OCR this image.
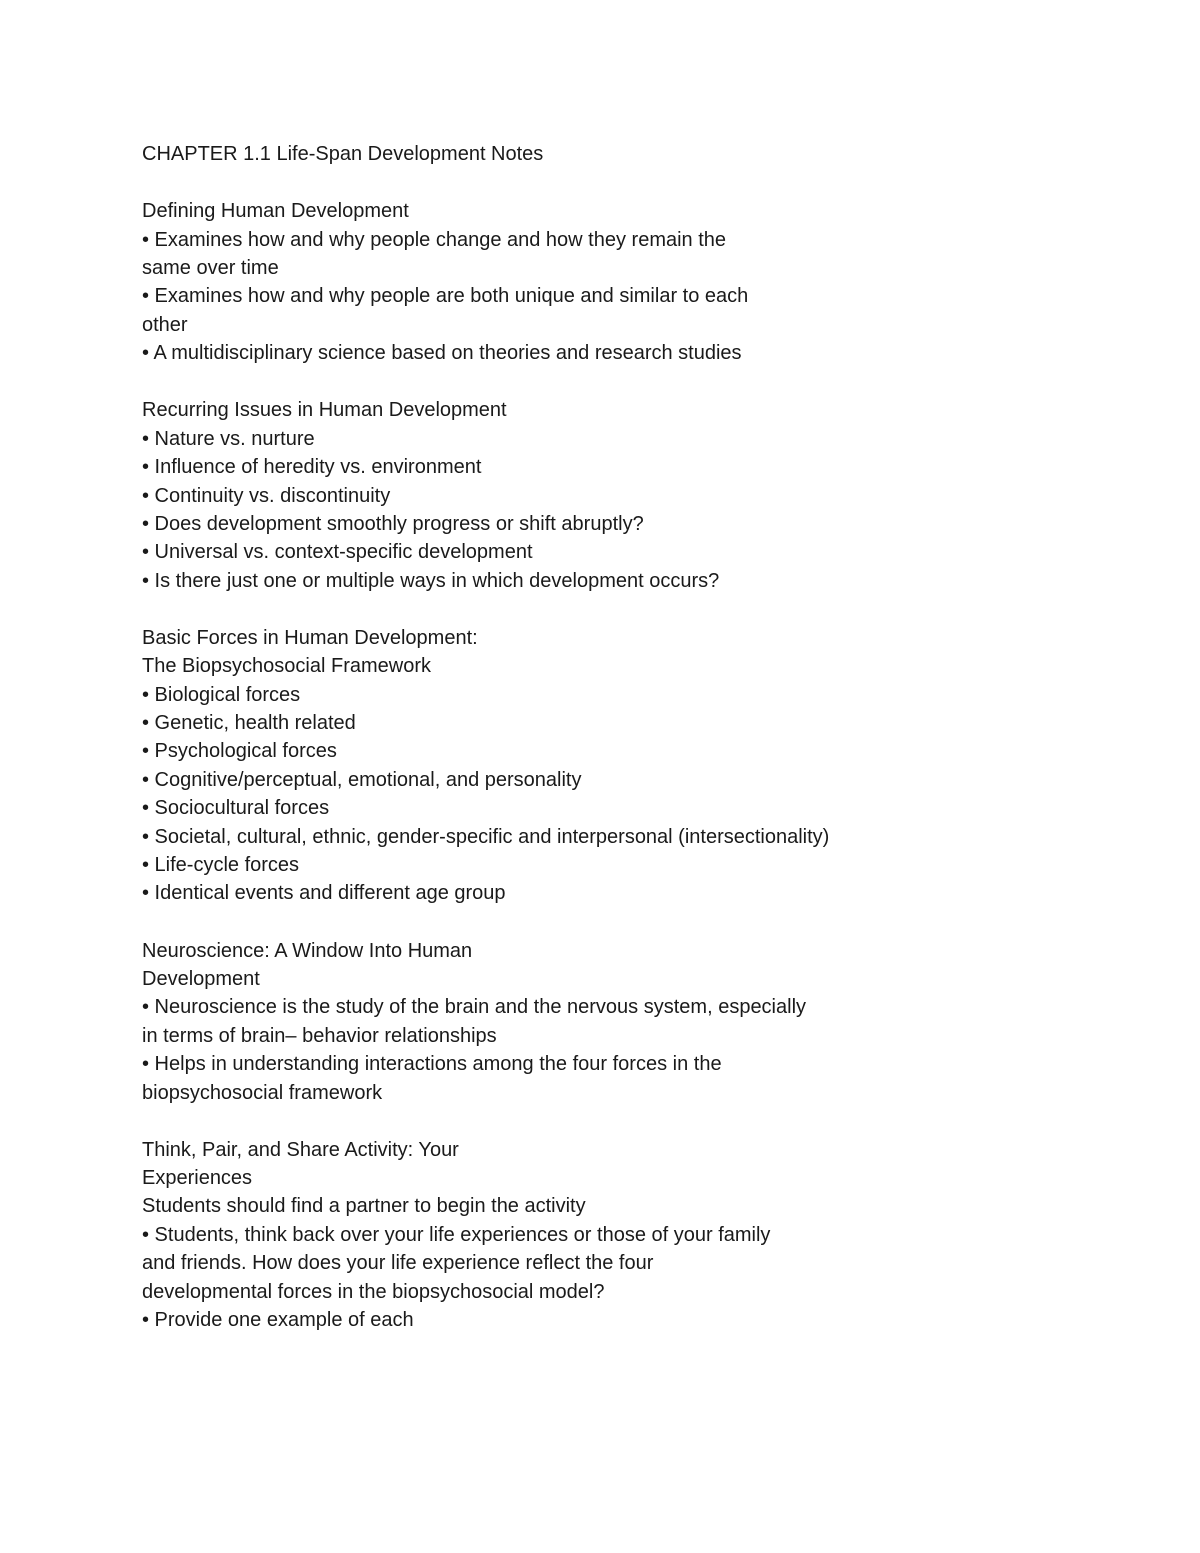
CHAPTER 1.1 Life-Span Development Notes
Defining Human Development
• Examines how and why people change and how they remain the
same over time
• Examines how and why people are both unique and similar to each
other
• A multidisciplinary science based on theories and research studies
Recurring Issues in Human Development
• Nature vs. nurture
• Influence of heredity vs. environment
• Continuity vs. discontinuity
• Does development smoothly progress or shift abruptly?
• Universal vs. context-specific development
• Is there just one or multiple ways in which development occurs?
Basic Forces in Human Development:
The Biopsychosocial Framework
• Biological forces
• Genetic, health related
• Psychological forces
• Cognitive/perceptual, emotional, and personality
• Sociocultural forces
• Societal, cultural, ethnic, gender-specific and interpersonal (intersectionality)
• Life-cycle forces
• Identical events and different age group
Neuroscience: A Window Into Human
Development
• Neuroscience is the study of the brain and the nervous system, especially
in terms of brain– behavior relationships
• Helps in understanding interactions among the four forces in the
biopsychosocial framework
Think, Pair, and Share Activity: Your
Experiences
Students should find a partner to begin the activity
• Students, think back over your life experiences or those of your family
and friends. How does your life experience reflect the four
developmental forces in the biopsychosocial model?
• Provide one example of each
